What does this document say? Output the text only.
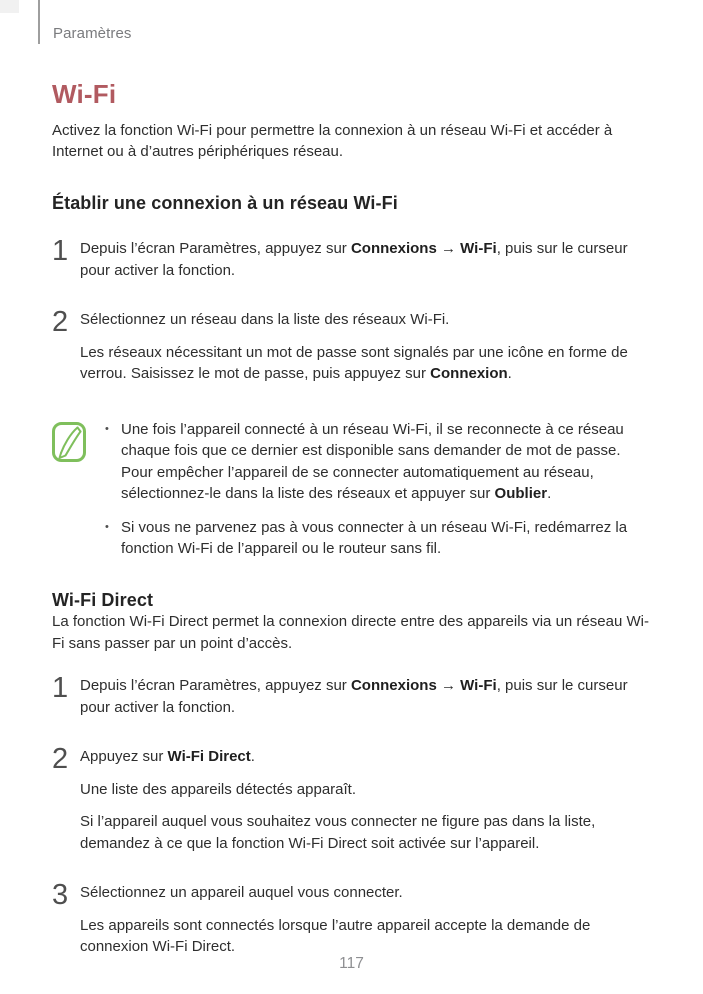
Paramètres
Wi-Fi

Activez la fonction Wi-Fi pour permettre la connexion à un réseau Wi-Fi et accéder à Internet ou à d’autres périphériques réseau.

Établir une connexion à un réseau Wi-Fi
1 Depuis l’écran Paramètres, appuyez sur Connexions → Wi-Fi, puis sur le curseur pour activer la fonction.

2 Sélectionnez un réseau dans la liste des réseaux Wi-Fi.

Les réseaux nécessitant un mot de passe sont signalés par une icône en forme de verrou. Saisissez le mot de passe, puis appuyez sur Connexion.

• Une fois l’appareil connecté à un réseau Wi-Fi, il se reconnecte à ce réseau chaque fois que ce dernier est disponible sans demander de mot de passe. Pour empêcher l’appareil de se connecter automatiquement au réseau, sélectionnez-le dans la liste des réseaux et appuyer sur Oublier.
• Si vous ne parvenez pas à vous connecter à un réseau Wi-Fi, redémarrez la fonction Wi-Fi de l’appareil ou le routeur sans fil.
Wi-Fi Direct

La fonction Wi-Fi Direct permet la connexion directe entre des appareils via un réseau Wi-Fi sans passer par un point d’accès.

1 Depuis l’écran Paramètres, appuyez sur Connexions → Wi-Fi, puis sur le curseur pour activer la fonction.

2 Appuyez sur Wi-Fi Direct.

Une liste des appareils détectés apparaît.

Si l’appareil auquel vous souhaitez vous connecter ne figure pas dans la liste, demandez à ce que la fonction Wi-Fi Direct soit activée sur l’appareil.

3 Sélectionnez un appareil auquel vous connecter.

Les appareils sont connectés lorsque l’autre appareil accepte la demande de connexion Wi-Fi Direct.

117
